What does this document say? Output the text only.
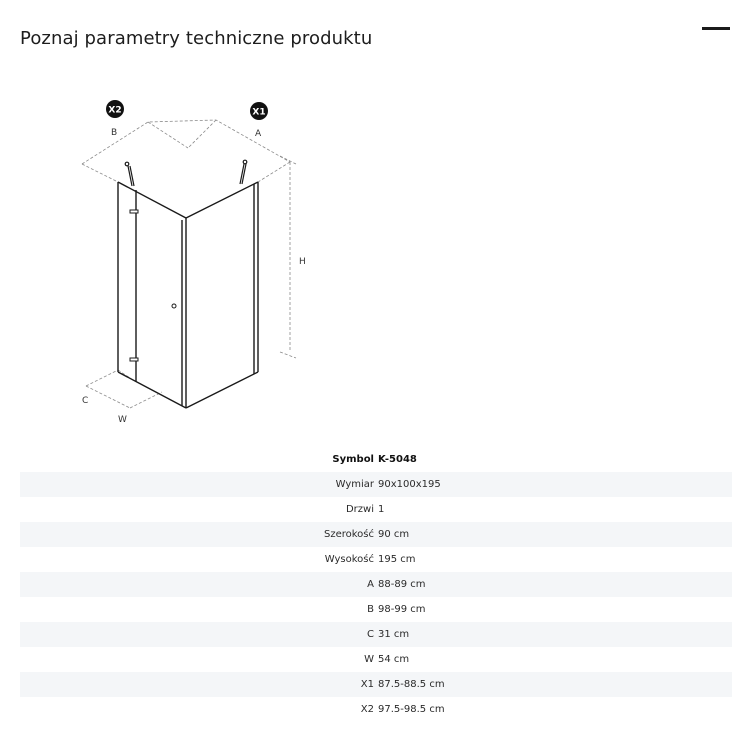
Poznaj parametry techniczne produktu
X2	X1
B	A
H
C
W
Symbol	K-5048
Wymiar	90x100x195
Drzwi	1
Szerokość	90 cm
Wysokość	195 cm
A	88-89 cm
B	98-99 cm
C	31 cm
W	54 cm
X1	87.5-88.5 cm
X2	97.5-98.5 cm
